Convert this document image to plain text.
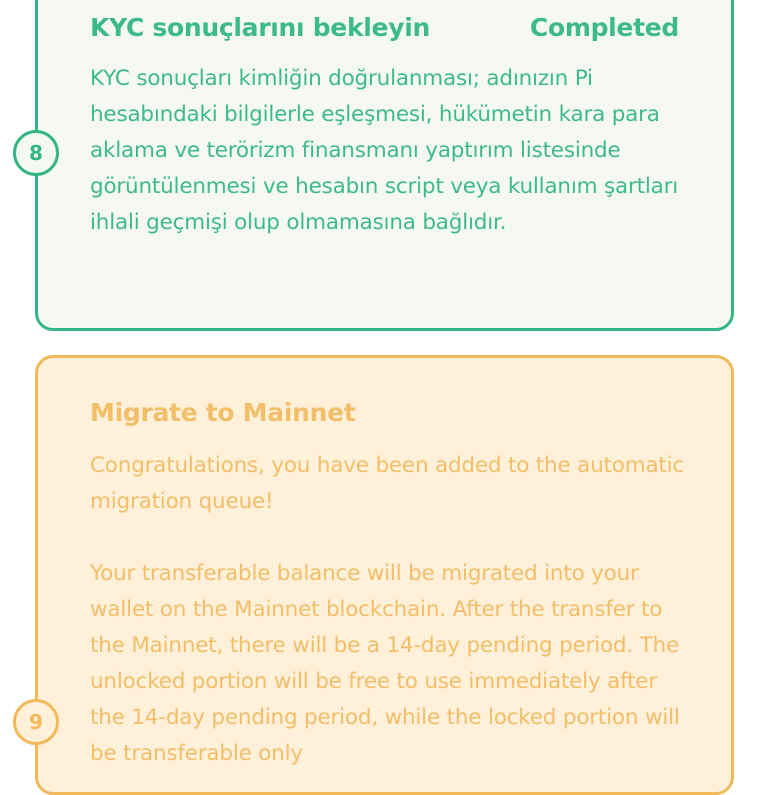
KYC sonuçlarını bekleyin	Completed

KYC sonuçları kimliğin doğrulanması; adınızın Pi hesabındaki bilgilerle eşleşmesi, hükümetin kara para aklama ve terörizm finansmanı yaptırım listesinde görüntülenmesi ve hesabın script veya kullanım şartları ihlali geçmişi olup olmamasına bağlıdır.

8
Migrate to Mainnet

Congratulations, you have been added to the automatic migration queue!

Your transferable balance will be migrated into your wallet on the Mainnet blockchain. After the transfer to the Mainnet, there will be a 14-day pending period. The unlocked portion will be free to use immediately after the 14-day pending period, while the locked portion will be transferable only

9
